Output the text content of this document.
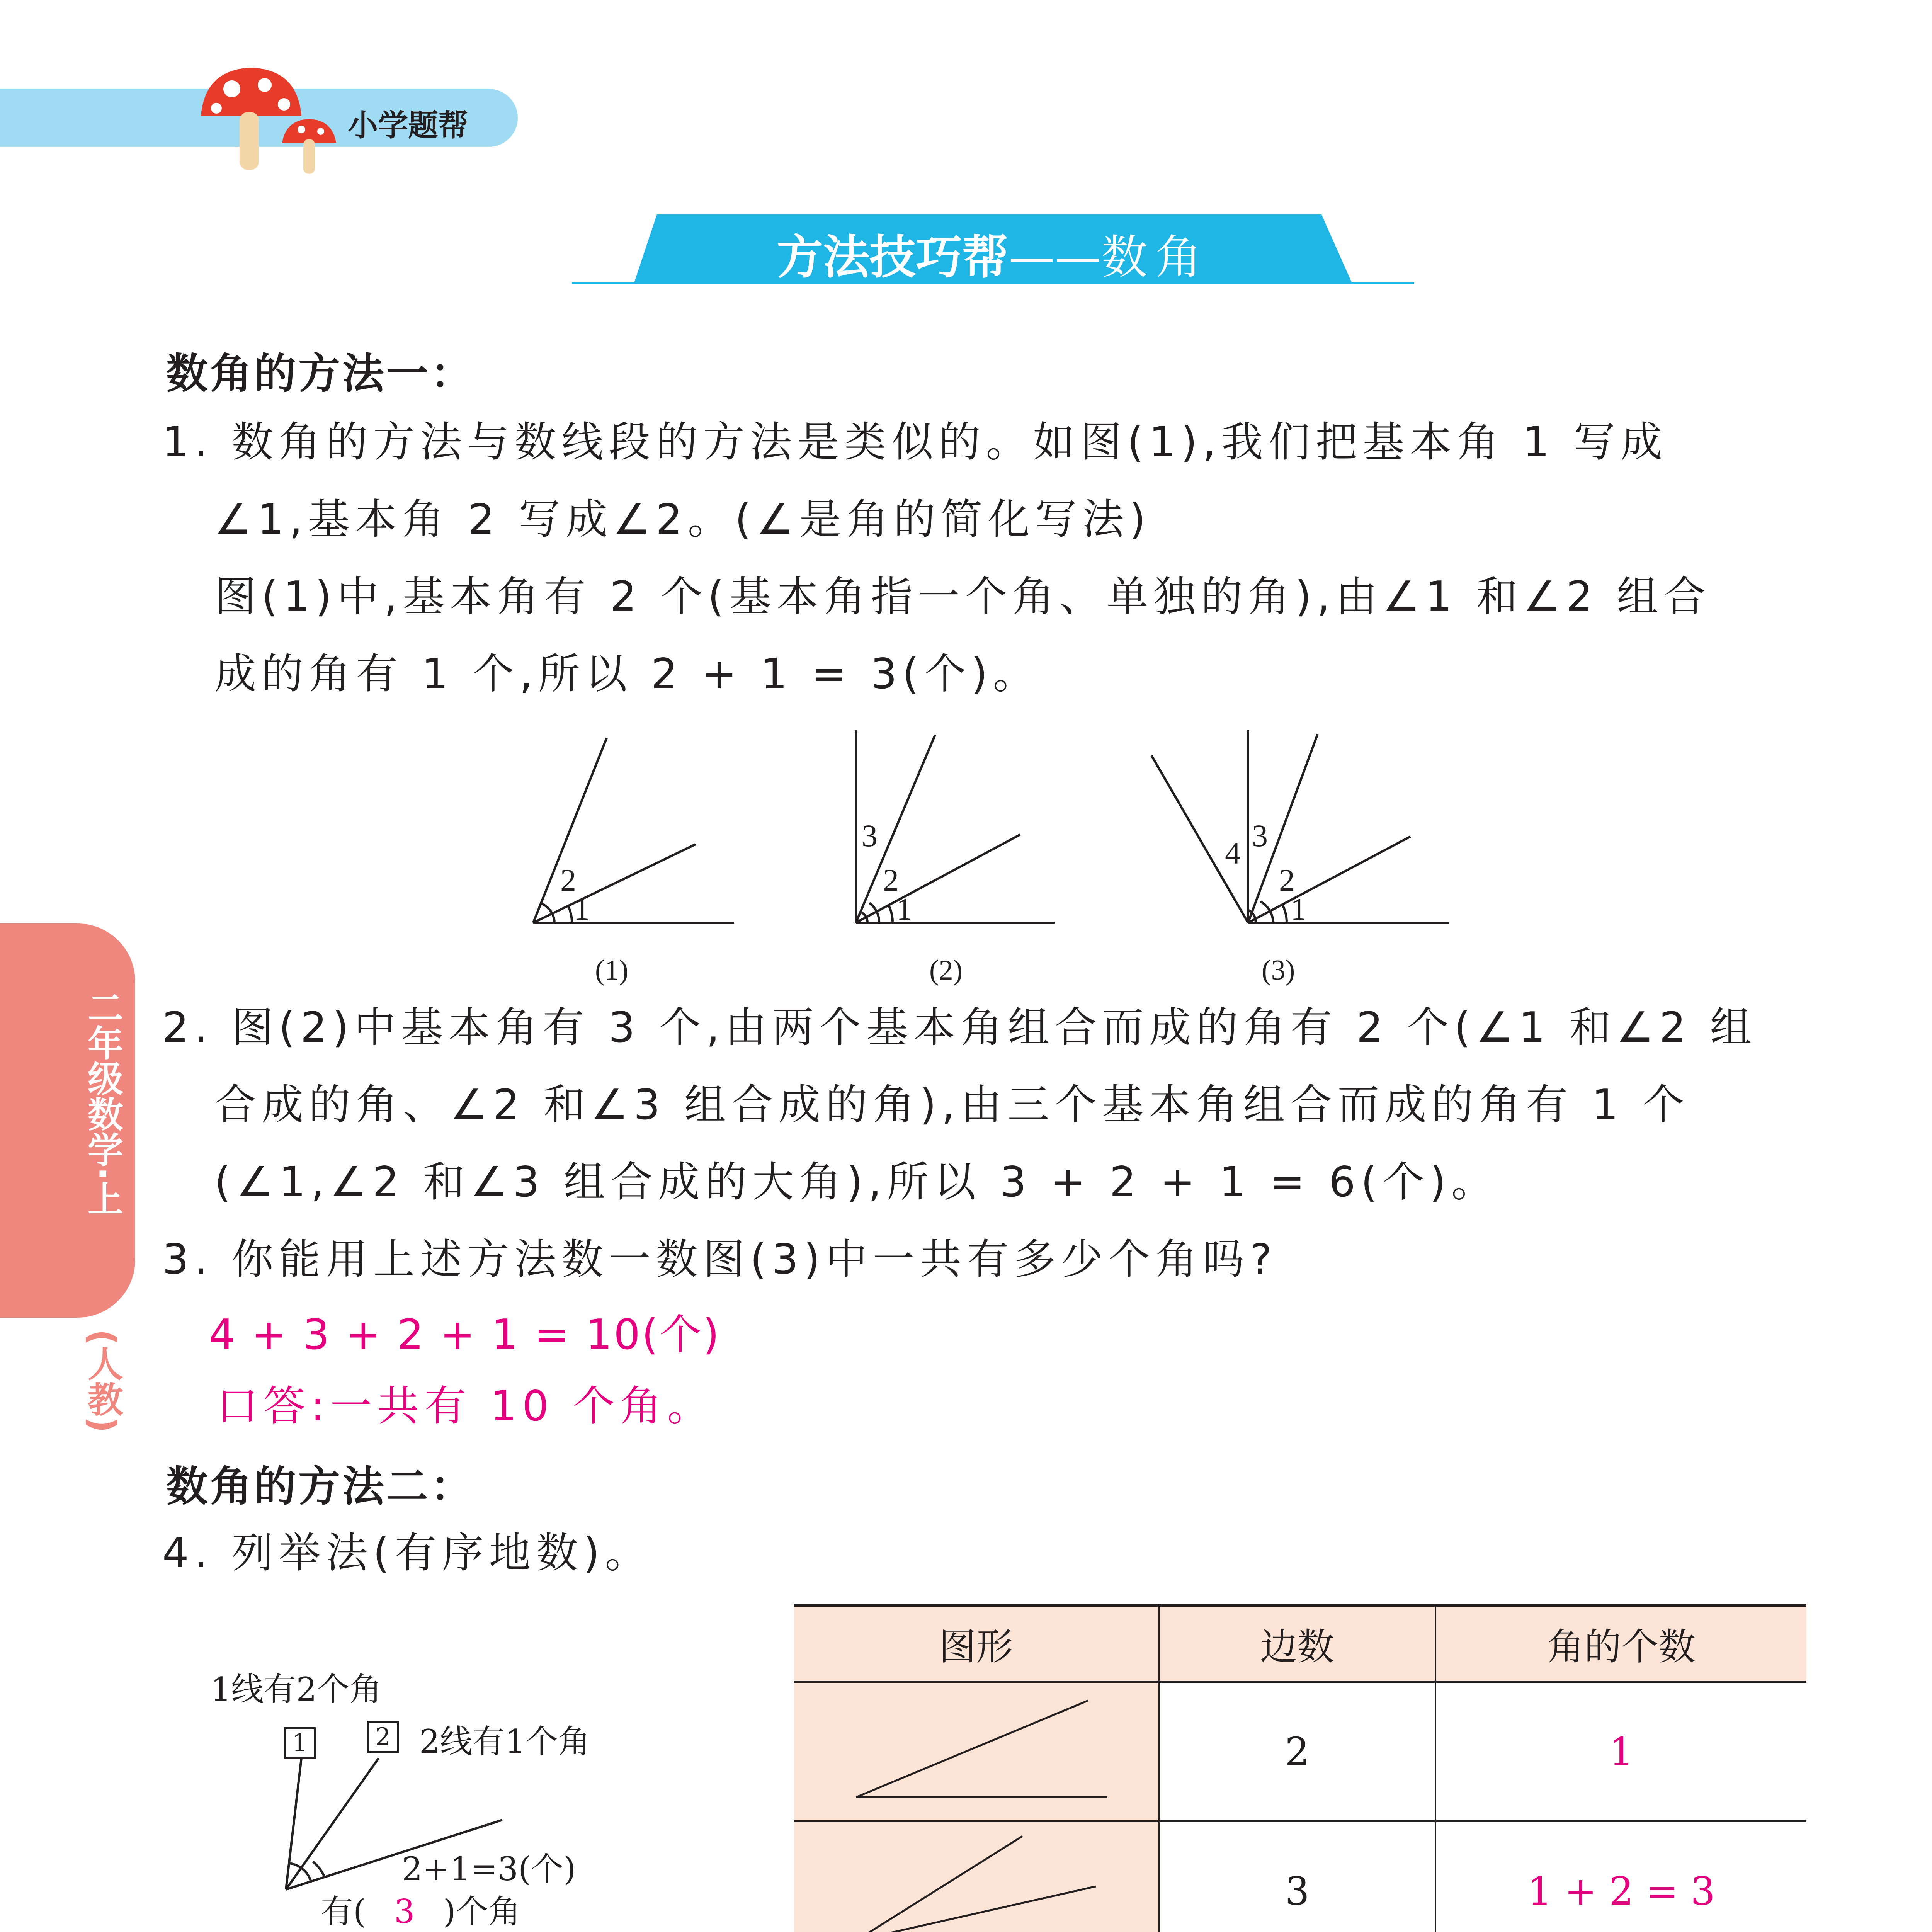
小学题帮
方法技巧帮——数角
二年级数学·上
(人教)
数角的方法一：
1. 数角的方法与数线段的方法是类似的。如图(1),我们把基本角 1 写成
∠1,基本角 2 写成∠2。(∠是角的简化写法)
图(1)中,基本角有 2 个(基本角指一个角、单独的角),由∠1 和∠2 组合
成的角有 1 个,所以 2 + 1 = 3(个)。
1
2
1
2
3
1
2
3
4
(1)	(2)	(3)
2. 图(2)中基本角有 3 个,由两个基本角组合而成的角有 2 个(∠1 和∠2 组
合成的角、∠2 和∠3 组合成的角),由三个基本角组合而成的角有 1 个
(∠1,∠2 和∠3 组合成的大角),所以 3 + 2 + 1 = 6(个)。
3. 你能用上述方法数一数图(3)中一共有多少个角吗?
4 + 3 + 2 + 1 = 10(个)
口答:一共有 10 个角。
数角的方法二：
4. 列举法(有序地数)。
1线有2个角
1	2 2线有1个角
2+1=3(个)
有( 3 )个角
图形	边数	角的个数
	2	1
	3	1 + 2 = 3
